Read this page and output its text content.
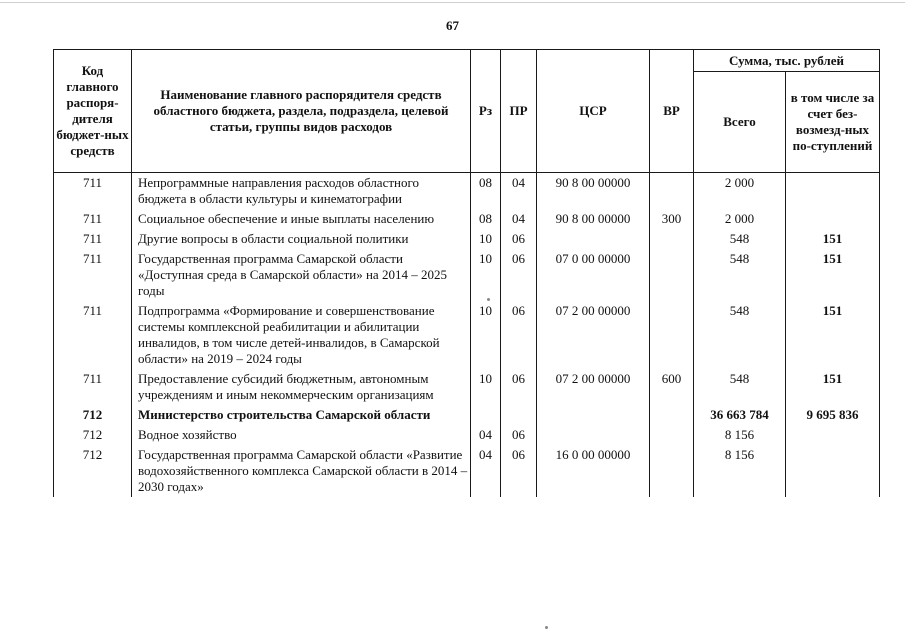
67
Код главного распоря-дителя бюджет-ных средств	Наименование главного распорядителя средств областного бюджета, раздела, подраздела, целевой статьи, группы видов расходов	Рз	ПР	ЦСР	ВР	Сумма, тыс. рублей	
						Всего	в том числе за счет без-возмезд-ных по-ступлений
711	Непрограммные направления расходов областного бюджета в области культуры и кинематографии	08	04	90 8 00 00000		2 000	
711	Социальное обеспечение и иные выплаты населению	08	04	90 8 00 00000	300	2 000	
711	Другие вопросы в области социальной политики	10	06			548	151
711	Государственная программа Самарской области «Доступная среда в Самарской области» на 2014 – 2025 годы	10	06	07 0 00 00000		548	151
711	Подпрограмма «Формирование и совершенствование системы комплексной реабилитации и абилитации инвалидов, в том числе детей-инвалидов, в Самарской области» на 2019 – 2024 годы	10	06	07 2 00 00000		548	151
711	Предоставление субсидий бюджетным, автономным учреждениям и иным некоммерческим организациям	10	06	07 2 00 00000	600	548	151
712	Министерство строительства Самарской области					36 663 784	9 695 836
712	Водное хозяйство	04	06			8 156	
712	Государственная программа Самарской области «Развитие водохозяйственного комплекса Самарской области в 2014 – 2030 годах»	04	06	16 0 00 00000		8 156	
